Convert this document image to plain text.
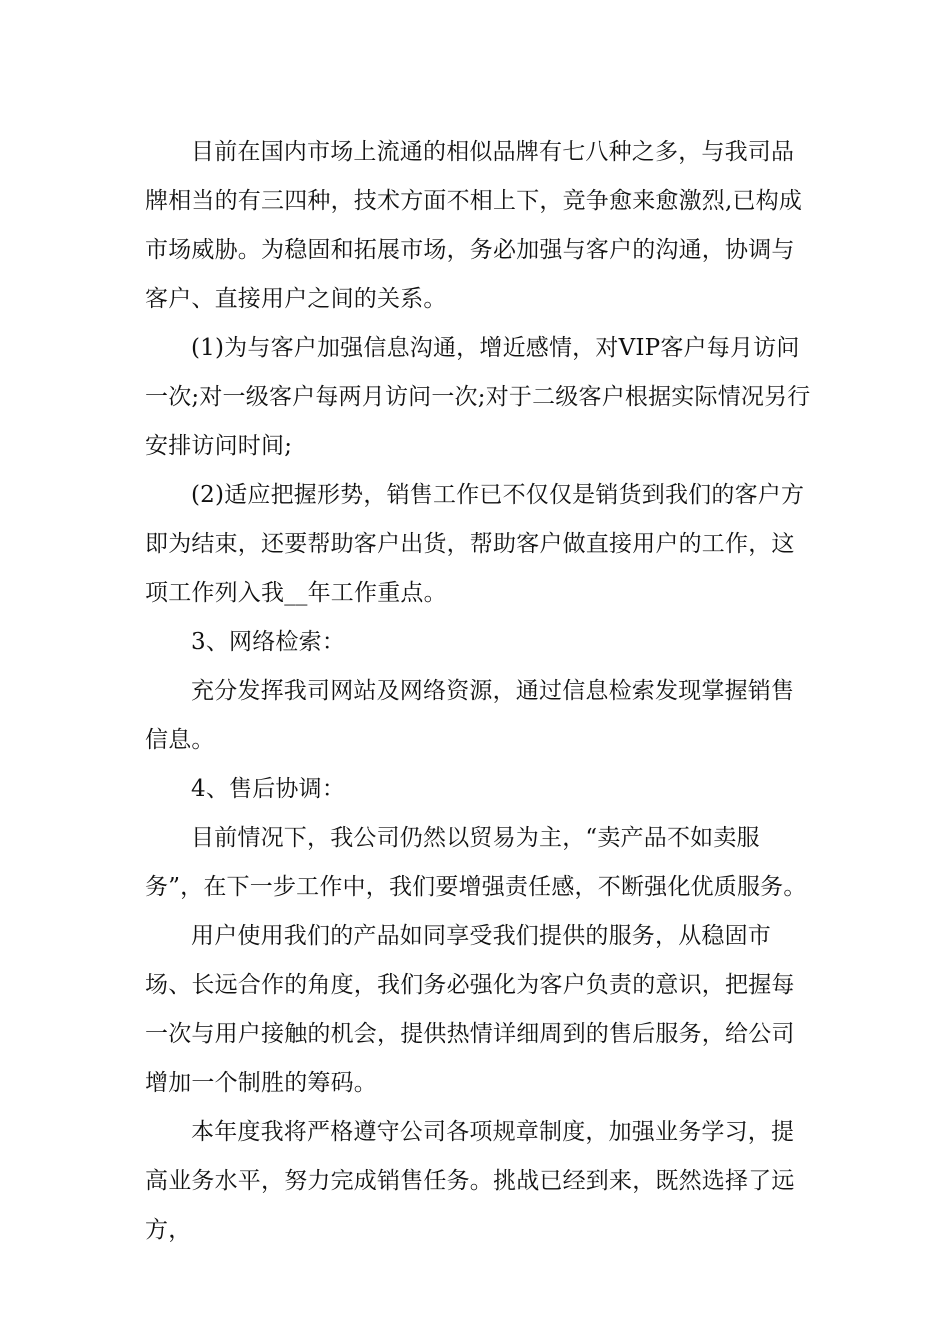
目前在国内市场上流通的相似品牌有七八种之多，与我司品牌相当的有三四种，技术方面不相上下，竞争愈来愈激烈,已构成市场威胁。为稳固和拓展市场，务必加强与客户的沟通，协调与客户、直接用户之间的关系。

(1)为与客户加强信息沟通，增近感情，对VIP客户每月访问一次;对一级客户每两月访问一次;对于二级客户根据实际情况另行安排访问时间;

(2)适应把握形势，销售工作已不仅仅是销货到我们的客户方即为结束，还要帮助客户出货，帮助客户做直接用户的工作，这项工作列入我__年工作重点。

3、网络检索：

充分发挥我司网站及网络资源，通过信息检索发现掌握销售信息。

4、售后协调：

目前情况下，我公司仍然以贸易为主，“卖产品不如卖服务”，在下一步工作中，我们要增强责任感，不断强化优质服务。

用户使用我们的产品如同享受我们提供的服务，从稳固市场、长远合作的角度，我们务必强化为客户负责的意识，把握每一次与用户接触的机会，提供热情详细周到的售后服务，给公司增加一个制胜的筹码。

本年度我将严格遵守公司各项规章制度，加强业务学习，提高业务水平，努力完成销售任务。挑战已经到来，既然选择了远方，
